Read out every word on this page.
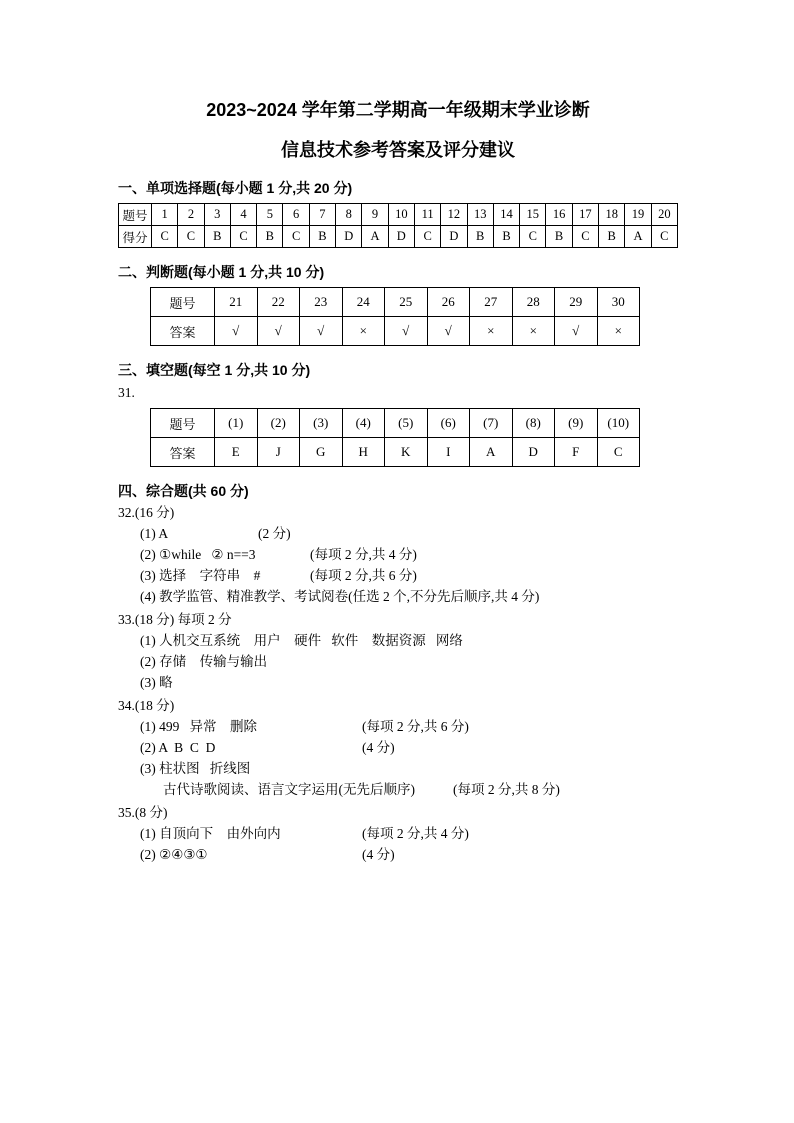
2023~2024 学年第二学期高一年级期末学业诊断
信息技术参考答案及评分建议
一、单项选择题(每小题 1 分,共 20 分)
题号	1	2	3	4	5	6	7	8	9	10	11	12	13	14	15	16	17	18	19	20
得分	C	C	B	C	B	C	B	D	A	D	C	D	B	B	C	B	C	B	A	C
二、判断题(每小题 1 分,共 10 分)
题号	21	22	23	24	25	26	27	28	29	30
答案	√	√	√	×	√	√	×	×	√	×
三、填空题(每空 1 分,共 10 分)
31.
题号	(1)	(2)	(3)	(4)	(5)	(6)	(7)	(8)	(9)	(10)
答案	E	J	G	H	K	I	A	D	F	C
四、综合题(共 60 分)
32.(16 分)
(1) A	(2 分)
(2) ①while   ② n==3	(每项 2 分,共 4 分)
(3) 选择    字符串    #	(每项 2 分,共 6 分)
(4) 教学监管、精准教学、考试阅卷(任选 2 个,不分先后顺序,共 4 分)
33.(18 分) 每项 2 分
(1) 人机交互系统    用户    硬件   软件    数据资源   网络
(2) 存储    传输与输出
(3) 略
34.(18 分)
(1) 499   异常    删除	(每项 2 分,共 6 分)
(2) A  B  C  D	(4 分)
(3) 柱状图   折线图
古代诗歌阅读、语言文字运用(无先后顺序)	(每项 2 分,共 8 分)
35.(8 分)
(1) 自顶向下    由外向内	(每项 2 分,共 4 分)
(2) ②④③①	(4 分)
